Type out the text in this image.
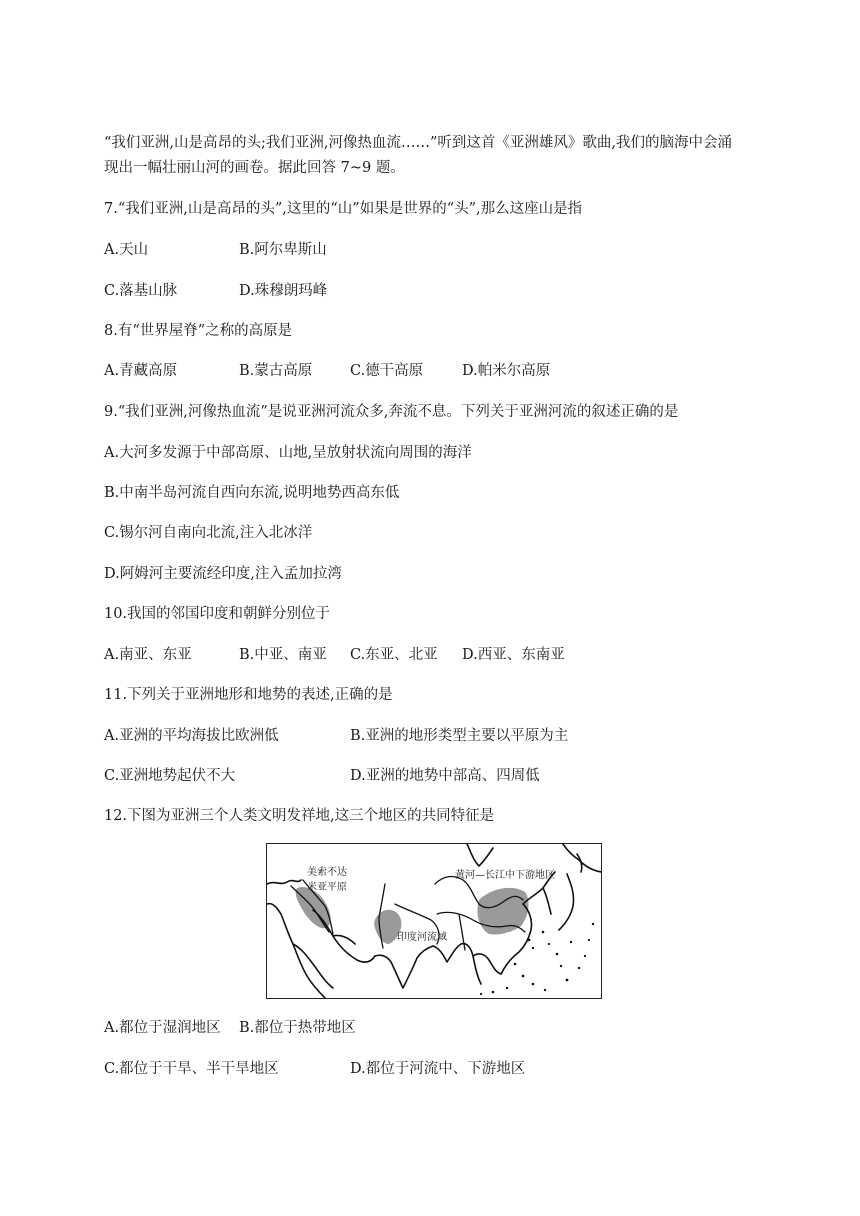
“我们亚洲,山是高昂的头;我们亚洲,河像热血流……”听到这首《亚洲雄风》歌曲,我们的脑海中会涌
现出一幅壮丽山河的画卷。据此回答 7~9 题。
7.“我们亚洲,山是高昂的头”,这里的“山”如果是世界的“头”,那么这座山是指
A.天山	B.阿尔卑斯山
C.落基山脉	D.珠穆朗玛峰
8.有“世界屋脊”之称的高原是
A.青藏高原	B.蒙古高原	C.德干高原	D.帕米尔高原
9.“我们亚洲,河像热血流”是说亚洲河流众多,奔流不息。下列关于亚洲河流的叙述正确的是
A.大河多发源于中部高原、山地,呈放射状流向周围的海洋
B.中南半岛河流自西向东流,说明地势西高东低
C.锡尔河自南向北流,注入北冰洋
D.阿姆河主要流经印度,注入孟加拉湾
10.我国的邻国印度和朝鲜分别位于
A.南亚、东亚	B.中亚、南亚 C.东亚、北亚 D.西亚、东南亚
11.下列关于亚洲地形和地势的表述,正确的是
A.亚洲的平均海拔比欧洲低	B.亚洲的地形类型主要以平原为主
C.亚洲地势起伏不大	D.亚洲的地势中部高、四周低
12.下图为亚洲三个人类文明发祥地,这三个地区的共同特征是
美索不达
米亚平原
印度河流域
黄河—长江中下游地区
A.都位于湿润地区 B.都位于热带地区
C.都位于干旱、半干旱地区	D.都位于河流中、下游地区
